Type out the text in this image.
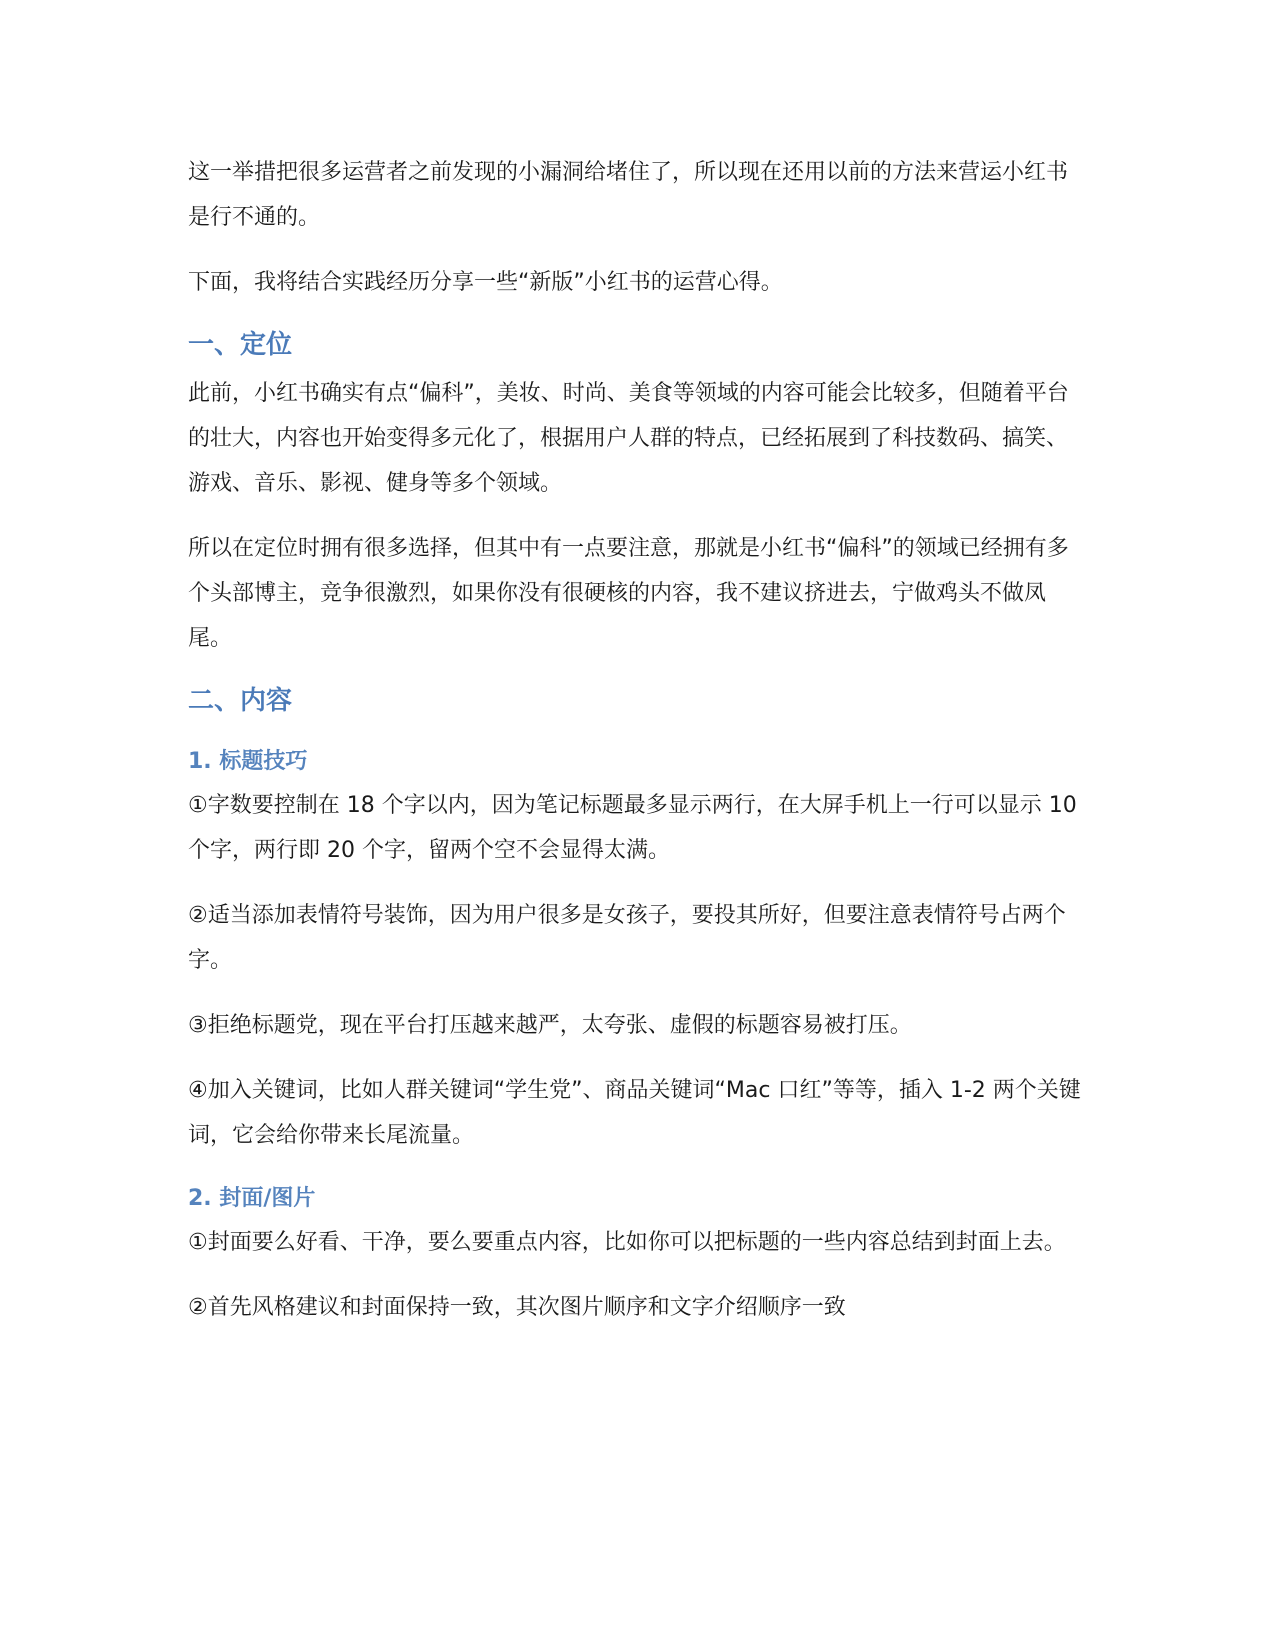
这一举措把很多运营者之前发现的小漏洞给堵住了，所以现在还用以前的方法来营运小红书是行不通的。

下面，我将结合实践经历分享一些“新版”小红书的运营心得。

一、定位

此前，小红书确实有点“偏科”，美妆、时尚、美食等领域的内容可能会比较多，但随着平台的壮大，内容也开始变得多元化了，根据用户人群的特点，已经拓展到了科技数码、搞笑、游戏、音乐、影视、健身等多个领域。

所以在定位时拥有很多选择，但其中有一点要注意，那就是小红书“偏科”的领域已经拥有多个头部博主，竞争很激烈，如果你没有很硬核的内容，我不建议挤进去，宁做鸡头不做凤尾。

二、内容
1. 标题技巧

①字数要控制在 18 个字以内，因为笔记标题最多显示两行，在大屏手机上一行可以显示 10 个字，两行即 20 个字，留两个空不会显得太满。

②适当添加表情符号装饰，因为用户很多是女孩子，要投其所好，但要注意表情符号占两个字。

③拒绝标题党，现在平台打压越来越严，太夸张、虚假的标题容易被打压。

④加入关键词，比如人群关键词“学生党”、商品关键词“Mac 口红”等等，插入 1-2 两个关键词，它会给你带来长尾流量。

2. 封面/图片

①封面要么好看、干净，要么要重点内容，比如你可以把标题的一些内容总结到封面上去。

②首先风格建议和封面保持一致，其次图片顺序和文字介绍顺序一致
